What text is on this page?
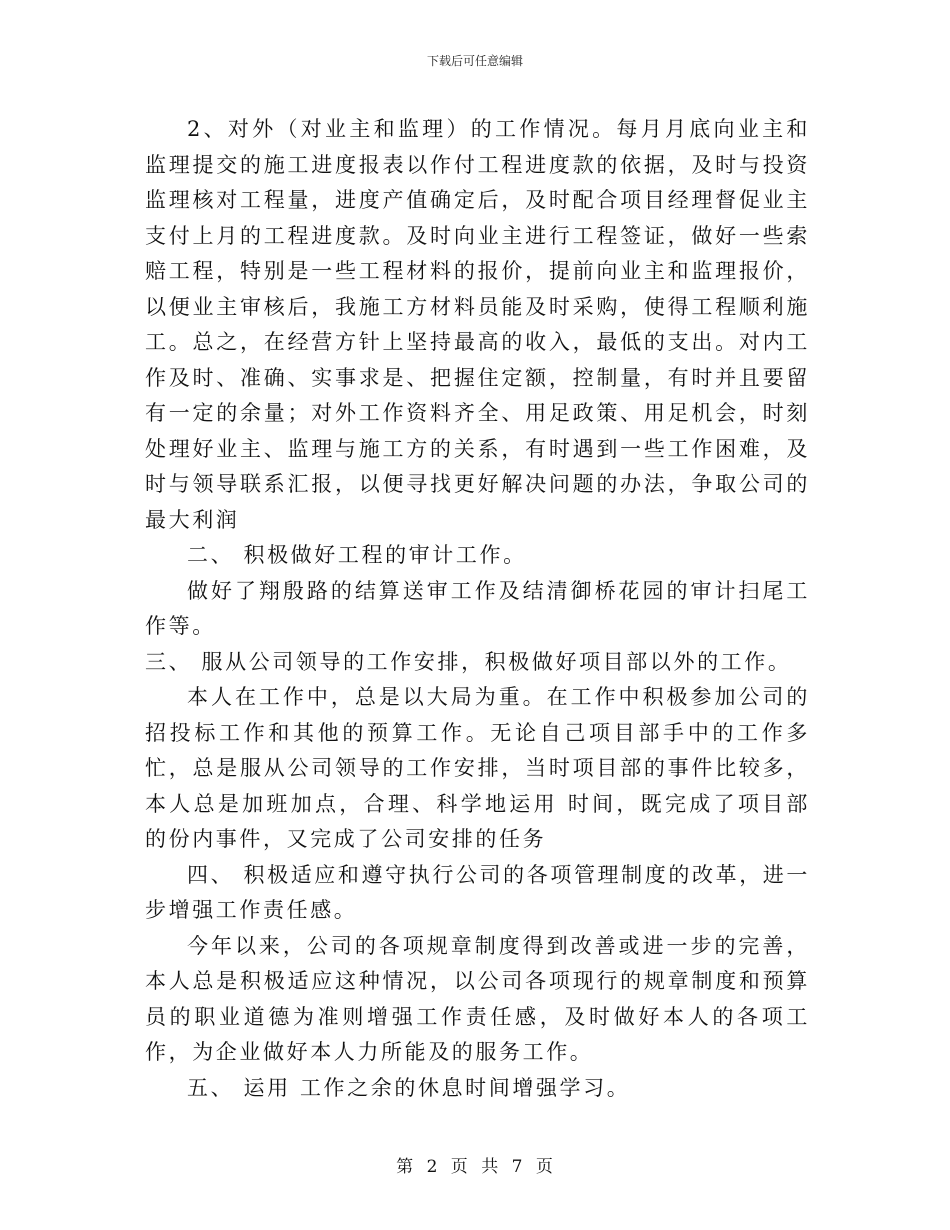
下载后可任意编辑

2、对外（对业主和监理）的工作情况。每月月底向业主和监理提交的施工进度报表以作付工程进度款的依据，及时与投资监理核对工程量，进度产值确定后，及时配合项目经理督促业主支付上月的工程进度款。及时向业主进行工程签证，做好一些索赔工程，特别是一些工程材料的报价，提前向业主和监理报价，以便业主审核后，我施工方材料员能及时采购，使得工程顺利施工。总之，在经营方针上坚持最高的收入，最低的支出。对内工作及时、准确、实事求是、把握住定额，控制量，有时并且要留有一定的余量；对外工作资料齐全、用足政策、用足机会，时刻处理好业主、监理与施工方的关系，有时遇到一些工作困难，及时与领导联系汇报，以便寻找更好解决问题的办法，争取公司的最大利润

二、 积极做好工程的审计工作。

做好了翔殷路的结算送审工作及结清御桥花园的审计扫尾工作等。

三、 服从公司领导的工作安排，积极做好项目部以外的工作。

本人在工作中，总是以大局为重。在工作中积极参加公司的招投标工作和其他的预算工作。无论自己项目部手中的工作多忙，总是服从公司领导的工作安排，当时项目部的事件比较多，本人总是加班加点，合理、科学地运用 时间，既完成了项目部的份内事件，又完成了公司安排的任务

四、 积极适应和遵守执行公司的各项管理制度的改革，进一步增强工作责任感。

今年以来，公司的各项规章制度得到改善或进一步的完善，本人总是积极适应这种情况，以公司各项现行的规章制度和预算员的职业道德为准则增强工作责任感，及时做好本人的各项工作，为企业做好本人力所能及的服务工作。

五、 运用 工作之余的休息时间增强学习。

第 2 页 共 7 页
